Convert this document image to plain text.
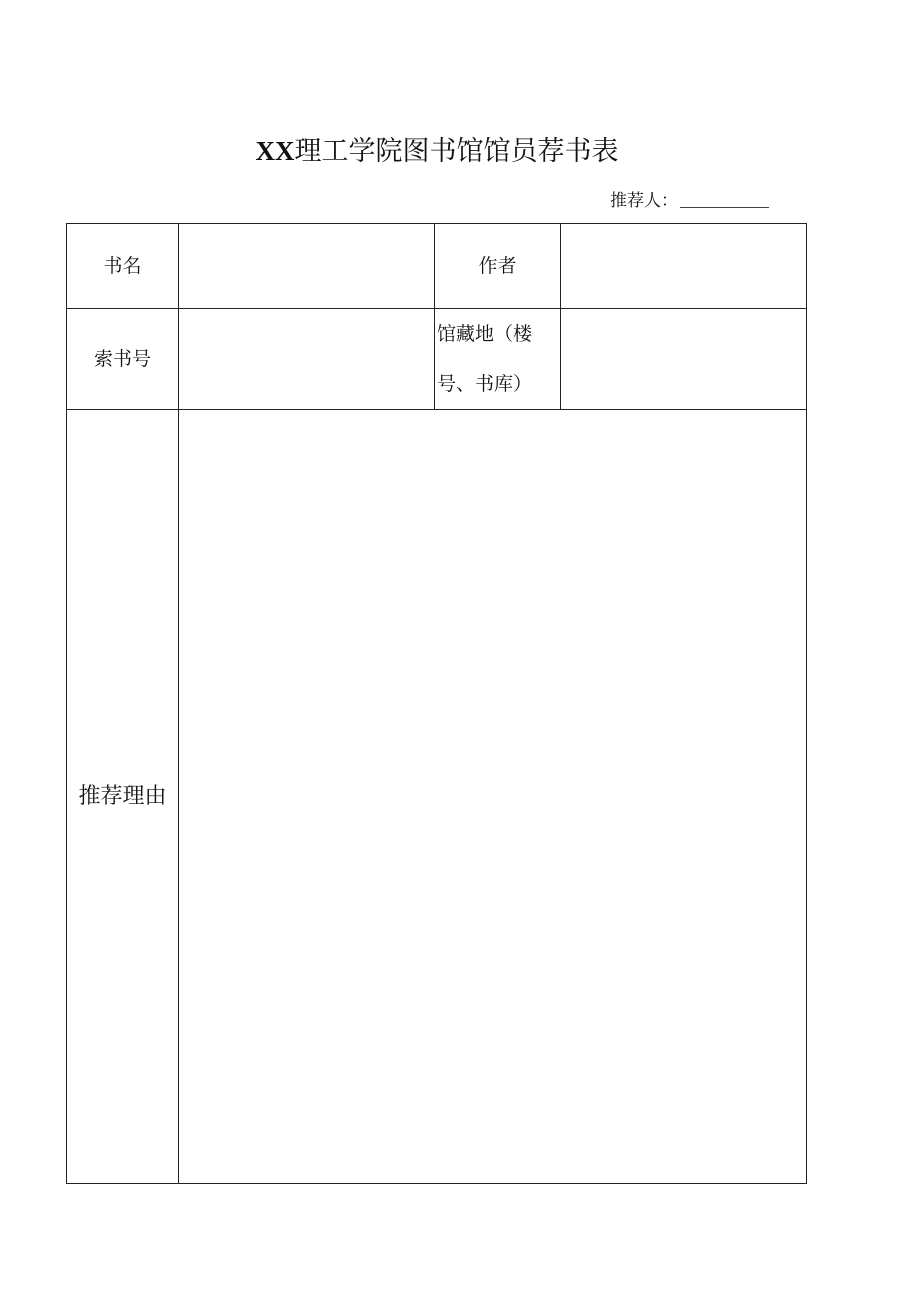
XX理工学院图书馆馆员荐书表
推荐人：
书名		作者	
索书号		馆藏地（楼
号、书库）	

推荐理由			
